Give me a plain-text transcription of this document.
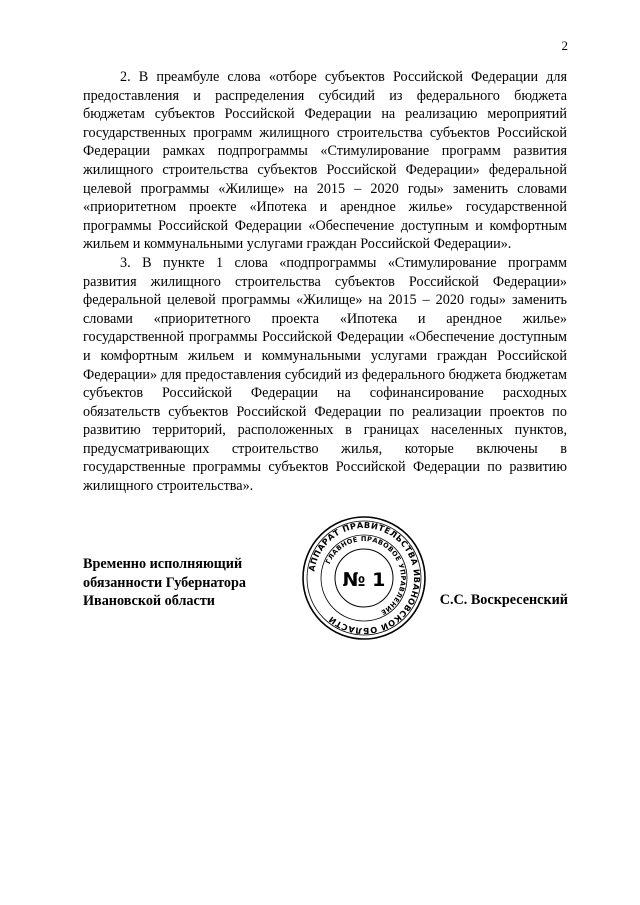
2

2. В преамбуле слова «отборе субъектов Российской Федерации для предоставления и распределения субсидий из федерального бюджета бюджетам субъектов Российской Федерации на реализацию мероприятий государственных программ жилищного строительства субъектов Российской Федерации рамках подпрограммы «Стимулирование программ развития жилищного строительства субъектов Российской Федерации» федеральной целевой программы «Жилище» на 2015 – 2020 годы» заменить словами «приоритетном проекте «Ипотека и арендное жилье» государственной программы Российской Федерации «Обеспечение доступным и комфортным жильем и коммунальными услугами граждан Российской Федерации».

3. В пункте 1 слова «подпрограммы «Стимулирование программ развития жилищного строительства субъектов Российской Федерации» федеральной целевой программы «Жилище» на 2015 – 2020 годы» заменить словами «приоритетного проекта «Ипотека и арендное жилье» государственной программы Российской Федерации «Обеспечение доступным и комфортным жильем и коммунальными услугами граждан Российской Федерации» для предоставления субсидий из федерального бюджета бюджетам субъектов Российской Федерации на софинансирование расходных обязательств субъектов Российской Федерации по реализации проектов по развитию территорий, расположенных в границах населенных пунктов, предусматривающих строительство жилья, которые включены в государственные программы субъектов Российской Федерации по развитию жилищного строительства».

Временно исполняющий
обязанности Губернатора
Ивановской области
АППАРАТ ПРАВИТЕЛЬСТВА ИВАНОВСКОЙ ОБЛАСТИ
ГЛАВНОЕ ПРАВОВОЕ УПРАВЛЕНИЕ
№ 1
С.С. Воскресенский
